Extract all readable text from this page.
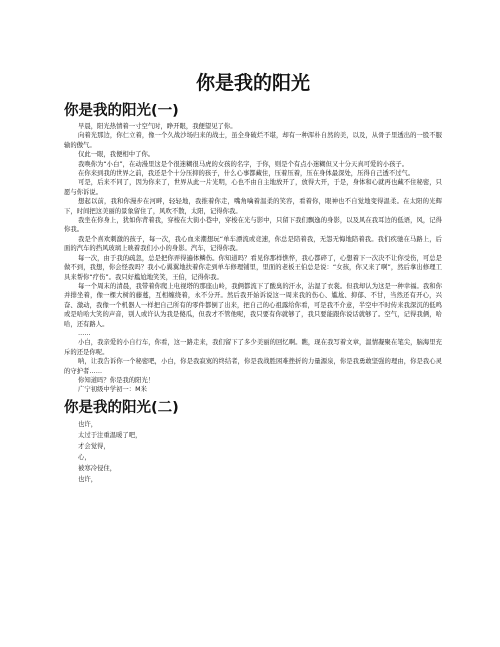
你是我的阳光
你是我的阳光(一)

早晨，阳光热情着一寸空气时，睁开眼，我便望见了你。

向着光那边，你仁立着，像一个久战沙场归来的战士，虽全身破烂不堪，却有一种浑朴自然的美，以及，从骨子里透出的一股不服输的傲气。

仅此一眼，我便相中了你。

我唤你为“小白”，在动漫里这是个很迷糊很马虎的女孩的名字，于你，则是个有点小迷糊但又十分天真可爱的小孩子。

在你来到我的世界之前，我还是个十分压抑的孩子，什么心事都藏住，压着压着，压在身体最深处，压得自己透不过气。

可是，后来不同了，因为你来了，世界从此一片光明，心也不由自主地放开了，放得大开，于是，身体和心就再也藏不住秘密，只愿与你诉说。

想起以前，我和你漫步在河畔，轻轻地，我推着你走，嘴角噙着温柔的笑容，看着你，眼神也不自觉地变得温柔。在太阳的光辉下，时间把这美丽的景象留住了，风吹不散，太阳，记得你我。

我坐在你身上，犹如你背着我，穿梭在大街小巷中，穿梭在光与影中，只留下我们飘逸的身影，以及风在我耳边的低语，风，记得你我。

我是个喜欢刺激的孩子，每一次，我心血来潮想玩“单车漂流或竞速，你总是陪着我，无怨无悔地陪着我。我们疾驰在马路上，后面的汽车的挡风玻璃上映着我们小小的身影。汽车，记得你我。

每一次，由于我的疏忽，总是把你弄得遍体鳞伤。你知道吗？看见你那样憔悴，我心都碎了，心想着下一次决不让你受伤，可总是做不到，我想，你会怪我吗？我小心翼翼地扶着你走到单车修理铺里，里面的老板王伯总是说：“女孩，你又来了啊”，然后拿出修理工具来帮你“疗伤”。我只好尴尬地笑笑，王伯，记得你我。

每一个周末的清晨，我带着你爬上电视塔的那座山岭，我俩都流下了酸臭的汗水，沾湿了衣裳。但我却认为这是一种幸福。我和你并排坐着，像一棵大树的藤蔓，互相缠绕着，永不分开。然后我开始诉说这一周来我的伤心、尴尬、抑郁、不甘，当然还有开心，兴奋、激动，我像一个机器人一样把自己所有的零件都倒了出来，把自己的心祖露给你看，可是我不介意，半空中不时传来我深沉的低鸣或是哈哈大笑的声音，别人或许认为我是傻瓜，但我才不管他呢，我只要有你就够了，我只要能跟你说话就够了。空气，记得我俩，哈哈，还有路人。

……

小白，我亲爱的小自行车，你看，这一路走来，我们留下了多少美丽的回忆啊。瞧，现在我写着文章，温情凝聚在笔尖，脑海里充斥的还是你呢。

呐，让我告诉你一个秘密吧，小白，你是我寂寞的终结者，你是我战胜困难挫折的力量源泉，你是我勇敢坚强的理由，你是我心灵的守护者……

你知道吗？你是我的阳光！

广宁初级中学初一：M米

你是我的阳光(二)

也许，

太过于注重温暖了吧，

才会觉得，

心，

被寒冷侵住，

也许，
